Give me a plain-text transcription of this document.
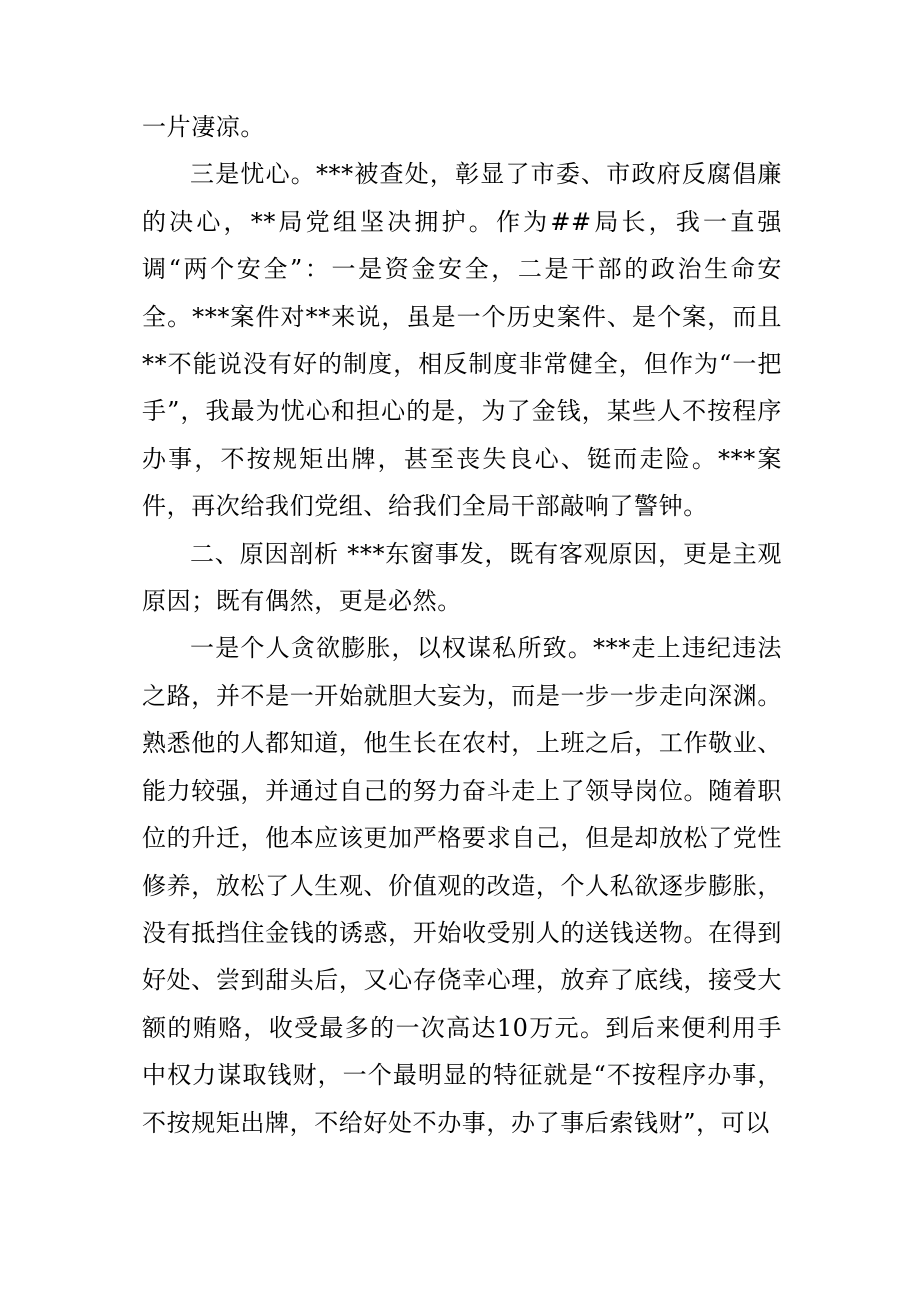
一片凄凉。

三是忧心。***被查处，彰显了市委、市政府反腐倡廉的决心，**局党组坚决拥护。作为##局长，我一直强调“两个安全”：一是资金安全，二是干部的政治生命安全。***案件对**来说，虽是一个历史案件、是个案，而且**不能说没有好的制度，相反制度非常健全，但作为“一把手”，我最为忧心和担心的是，为了金钱，某些人不按程序办事，不按规矩出牌，甚至丧失良心、铤而走险。***案件，再次给我们党组、给我们全局干部敲响了警钟。

二、原因剖析 ***东窗事发，既有客观原因，更是主观原因；既有偶然，更是必然。

一是个人贪欲膨胀，以权谋私所致。***走上违纪违法之路，并不是一开始就胆大妄为，而是一步一步走向深渊。熟悉他的人都知道，他生长在农村，上班之后，工作敬业、能力较强，并通过自己的努力奋斗走上了领导岗位。随着职位的升迁，他本应该更加严格要求自己，但是却放松了党性修养，放松了人生观、价值观的改造，个人私欲逐步膨胀，没有抵挡住金钱的诱惑，开始收受别人的送钱送物。在得到好处、尝到甜头后，又心存侥幸心理，放弃了底线，接受大额的贿赂，收受最多的一次高达10万元。到后来便利用手中权力谋取钱财，一个最明显的特征就是“不按程序办事，不按规矩出牌，不给好处不办事，办了事后索钱财”，可以
